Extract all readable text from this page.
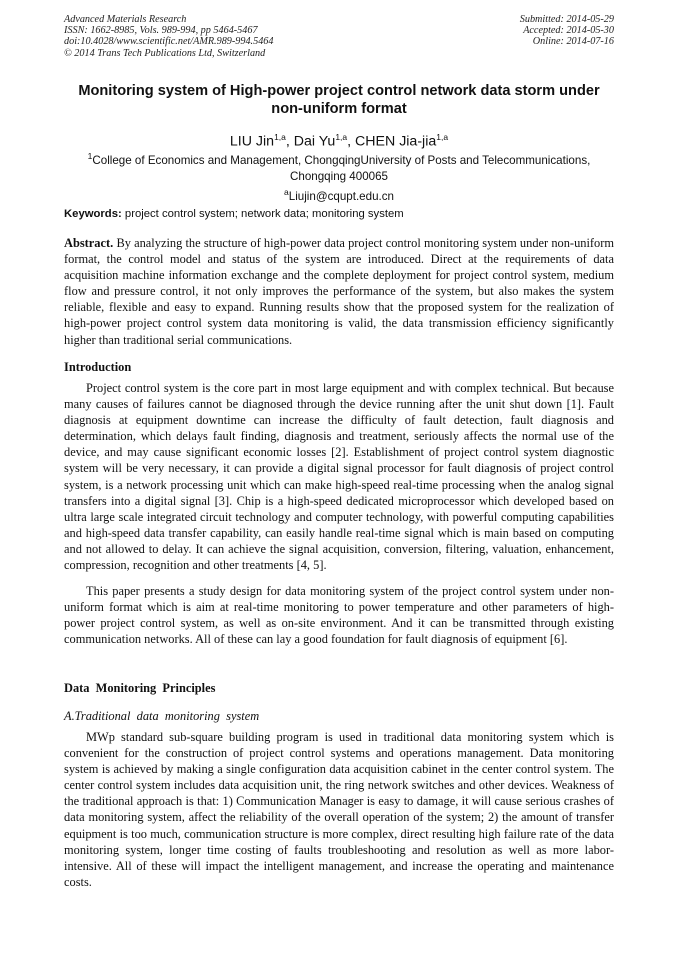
Advanced Materials Research
ISSN: 1662-8985, Vols. 989-994, pp 5464-5467
doi:10.4028/www.scientific.net/AMR.989-994.5464
© 2014 Trans Tech Publications Ltd, Switzerland
Submitted: 2014-05-29
Accepted: 2014-05-30
Online: 2014-07-16
Monitoring system of High-power project control network data storm under non-uniform format
LIU Jin$^{1,a}$, Dai Yu$^{1,a}$, CHEN Jia-jia$^{1,a}$
$^1$College of Economics and Management, ChongqingUniversity of Posts and Telecommunications, Chongqing 400065
$^a$Liujin@cqupt.edu.cn
Keywords: project control system; network data; monitoring system
Abstract. By analyzing the structure of high-power data project control monitoring system under non-uniform format, the control model and status of the system are introduced. Direct at the requirements of data acquisition machine information exchange and the complete deployment for project control system, medium flow and pressure control, it not only improves the performance of the system, but also makes the system reliable, flexible and easy to expand. Running results show that the proposed system for the realization of high-power project control system data monitoring is valid, the data transmission efficiency significantly higher than traditional serial communications.
Introduction

Project control system is the core part in most large equipment and with complex technical. But because many causes of failures cannot be diagnosed through the device running after the unit shut down [1]. Fault diagnosis at equipment downtime can increase the difficulty of fault detection, fault diagnosis and determination, which delays fault finding, diagnosis and treatment, seriously affects the normal use of the device, and may cause significant economic losses [2]. Establishment of project control system diagnostic system will be very necessary, it can provide a digital signal processor for fault diagnosis of project control system, is a network processing unit which can make high-speed real-time processing when the analog signal transfers into a digital signal [3]. Chip is a high-speed dedicated microprocessor which developed based on ultra large scale integrated circuit technology and computer technology, with powerful computing capabilities and high-speed data transfer capability, can easily handle real-time signal which is main based on computing and not allowed to delay. It can achieve the signal acquisition, conversion, filtering, valuation, enhancement, compression, recognition and other treatments [4, 5].

This paper presents a study design for data monitoring system of the project control system under non-uniform format which is aim at real-time monitoring to power temperature and other parameters of high-power project control system, as well as on-site environment. And it can be transmitted through existing communication networks. All of these can lay a good foundation for fault diagnosis of equipment [6].

Data  Monitoring  Principles
A.Traditional  data  monitoring  system

MWp standard sub-square building program is used in traditional data monitoring system which is convenient for the construction of project control systems and operations management. Data monitoring system is achieved by making a single configuration data acquisition cabinet in the center control system. The center control system includes data acquisition unit, the ring network switches and other devices. Weakness of the traditional approach is that: 1) Communication Manager is easy to damage, it will cause serious crashes of data monitoring system, affect the reliability of the overall operation of the system; 2) the amount of transfer equipment is too much, communication structure is more complex, direct resulting high failure rate of the data monitoring system, longer time costing of faults troubleshooting and resolution as well as more labor-intensive. All of these will impact the intelligent management, and increase the operating and maintenance costs.
